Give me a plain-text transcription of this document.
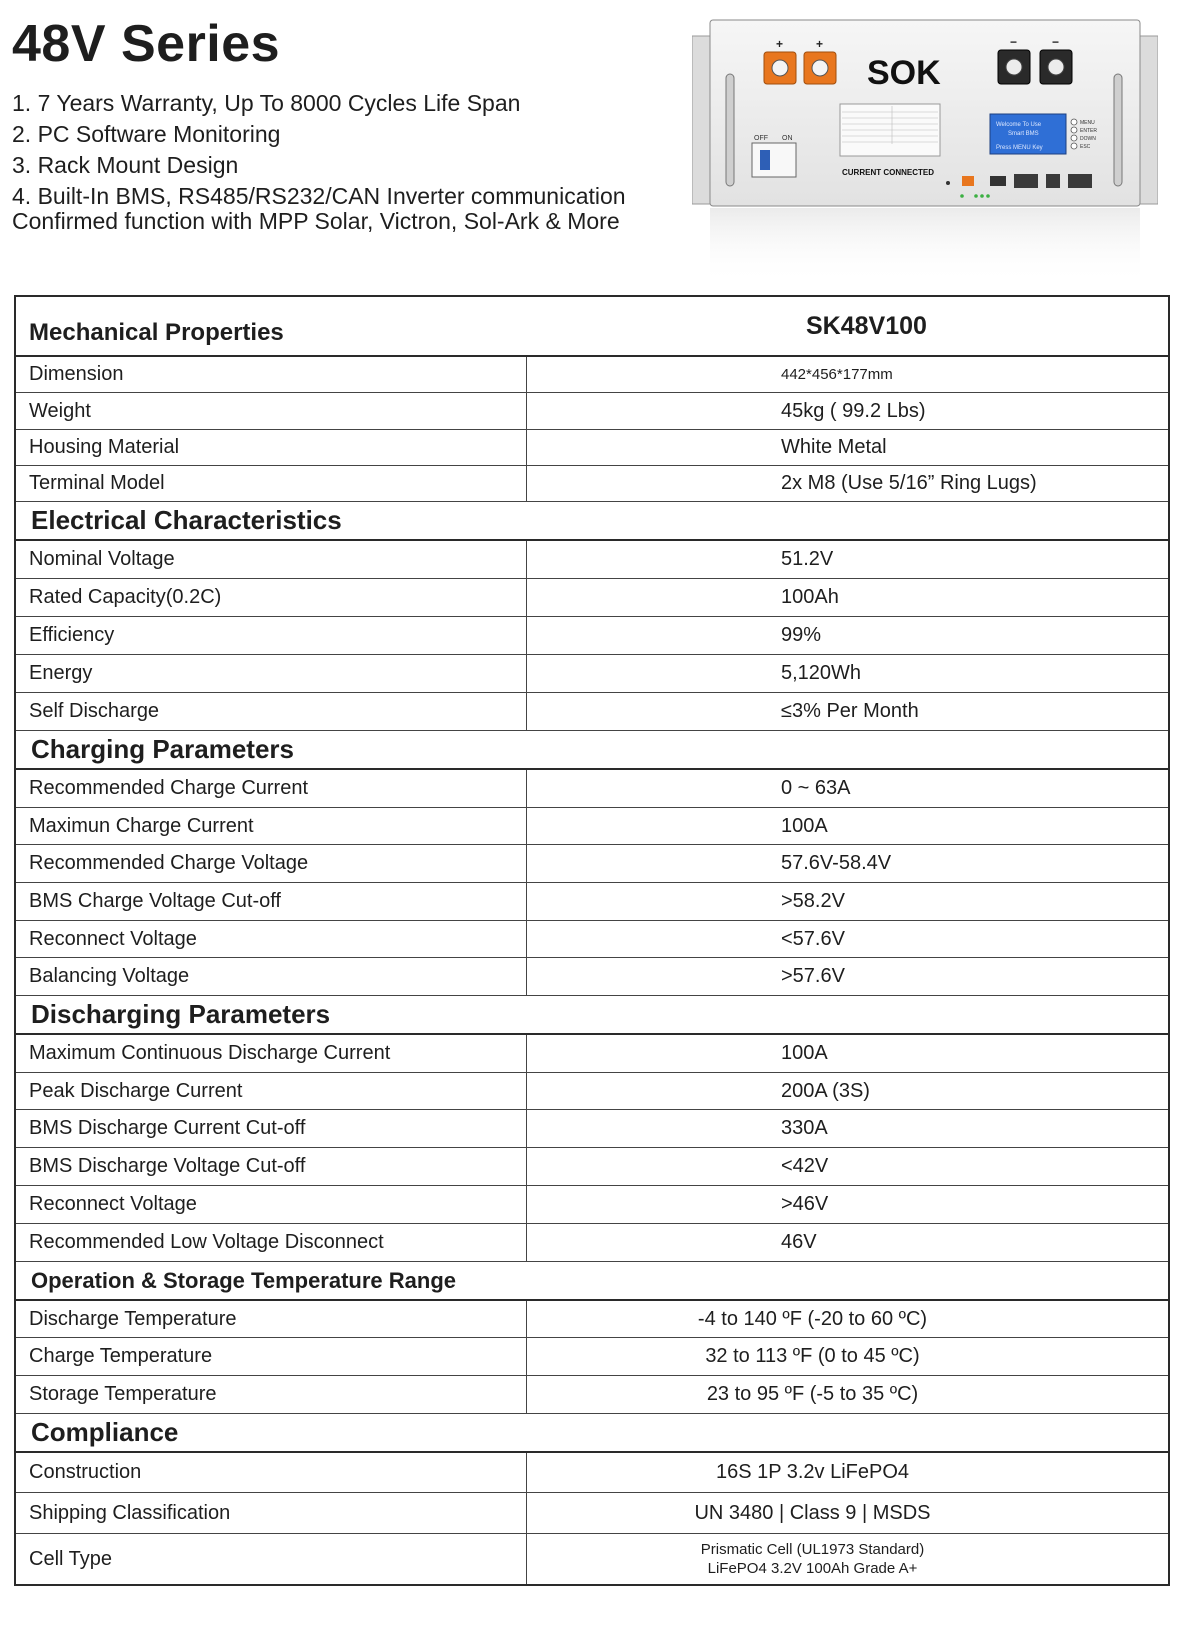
48V Series
1. 7 Years Warranty, Up To 8000 Cycles Life Span
2. PC Software Monitoring
3. Rack Mount Design
4. Built-In BMS, RS485/RS232/CAN Inverter communication
Confirmed function with MPP Solar, Victron, Sol-Ark & More
+	+	−	−
SOK
CURRENT CONNECTED
OFF ON
Welcome To Use
Smart BMS
Press MENU Key
MENU
ENTER
DOWN
ESC
Mechanical Properties	SK48V100
Dimension	442*456*177mm
Weight	45kg ( 99.2 Lbs)
Housing Material	White Metal
Terminal Model	2x M8 (Use 5/16” Ring Lugs)
Electrical Characteristics
Nominal Voltage	51.2V
Rated Capacity(0.2C)	100Ah
Efficiency	99%
Energy	5,120Wh
Self Discharge	≤3% Per Month
Charging Parameters
Recommended Charge Current	0 ~ 63A
Maximun Charge Current	100A
Recommended Charge Voltage	57.6V-58.4V
BMS Charge Voltage Cut-off	>58.2V
Reconnect Voltage	<57.6V
Balancing Voltage	>57.6V
Discharging Parameters
Maximum Continuous Discharge Current	100A
Peak Discharge Current	200A (3S)
BMS Discharge Current Cut-off	330A
BMS Discharge Voltage Cut-off	<42V
Reconnect Voltage	>46V
Recommended Low Voltage Disconnect	46V
Operation & Storage Temperature Range
Discharge Temperature	-4 to 140 ºF (-20 to 60 ºC)
Charge Temperature	32 to 113 ºF (0 to 45 ºC)
Storage Temperature	23 to 95 ºF (-5 to 35 ºC)
Compliance
Construction	16S 1P 3.2v LiFePO4
Shipping Classification	UN 3480 | Class 9 | MSDS
Cell Type	Prismatic Cell (UL1973 Standard)
LiFePO4 3.2V 100Ah Grade A+
